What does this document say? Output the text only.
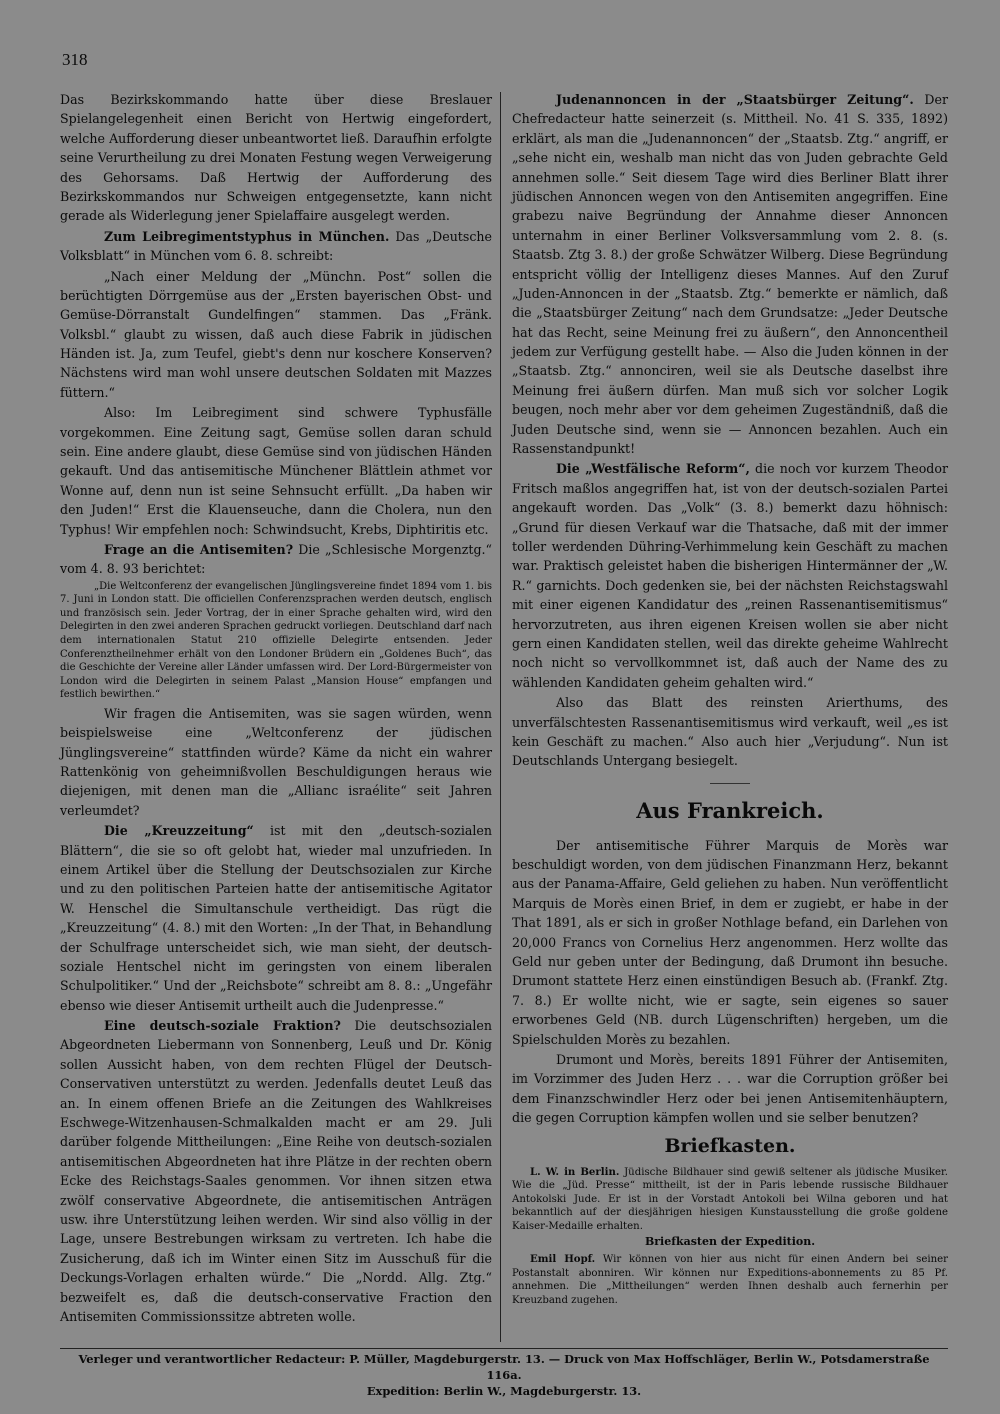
318

Das Bezirkskommando hatte über diese Breslauer Spielangelegenheit einen Bericht von Hertwig eingefordert, welche Aufforderung dieser unbeantwortet ließ. Daraufhin erfolgte seine Verurtheilung zu drei Monaten Festung wegen Verweigerung des Gehorsams. Daß Hertwig der Aufforderung des Bezirkskommandos nur Schweigen entgegensetzte, kann nicht gerade als Widerlegung jener Spielaffaire ausgelegt werden.

Zum Leibregimentstyphus in München. Das „Deutsche Volksblatt“ in München vom 6. 8. schreibt:

„Nach einer Meldung der „Münchn. Post“ sollen die berüchtigten Dörrgemüse aus der „Ersten bayerischen Obst- und Gemüse-Dörranstalt Gundelfingen“ stammen. Das „Fränk. Volksbl.“ glaubt zu wissen, daß auch diese Fabrik in jüdischen Händen ist. Ja, zum Teufel, giebt's denn nur koschere Konserven? Nächstens wird man wohl unsere deutschen Soldaten mit Mazzes füttern.“

Also: Im Leibregiment sind schwere Typhusfälle vorgekommen. Eine Zeitung sagt, Gemüse sollen daran schuld sein. Eine andere glaubt, diese Gemüse sind von jüdischen Händen gekauft. Und das antisemitische Münchener Blättlein athmet vor Wonne auf, denn nun ist seine Sehnsucht erfüllt. „Da haben wir den Juden!“ Erst die Klauenseuche, dann die Cholera, nun den Typhus! Wir empfehlen noch: Schwindsucht, Krebs, Diphtiritis etc.

Frage an die Antisemiten? Die „Schlesische Morgenztg.“ vom 4. 8. 93 berichtet:

„Die Weltconferenz der evangelischen Jünglingsvereine findet 1894 vom 1. bis 7. Juni in London statt. Die officiellen Conferenzsprachen werden deutsch, englisch und französisch sein. Jeder Vortrag, der in einer Sprache gehalten wird, wird den Delegirten in den zwei anderen Sprachen gedruckt vorliegen. Deutschland darf nach dem internationalen Statut 210 offizielle Delegirte entsenden. Jeder Conferenztheilnehmer erhält von den Londoner Brüdern ein „Goldenes Buch“, das die Geschichte der Vereine aller Länder umfassen wird. Der Lord-Bürgermeister von London wird die Delegirten in seinem Palast „Mansion House“ empfangen und festlich bewirthen.“

Wir fragen die Antisemiten, was sie sagen würden, wenn beispielsweise eine „Weltconferenz der jüdischen Jünglingsvereine“ stattfinden würde? Käme da nicht ein wahrer Rattenkönig von geheimnißvollen Beschuldigungen heraus wie diejenigen, mit denen man die „Allianc israélite“ seit Jahren verleumdet?

Die „Kreuzzeitung“ ist mit den „deutsch-sozialen Blättern“, die sie so oft gelobt hat, wieder mal unzufrieden. In einem Artikel über die Stellung der Deutschsozialen zur Kirche und zu den politischen Parteien hatte der antisemitische Agitator W. Henschel die Simultanschule vertheidigt. Das rügt die „Kreuzzeitung“ (4. 8.) mit den Worten: „In der That, in Behandlung der Schulfrage unterscheidet sich, wie man sieht, der deutsch-soziale Hentschel nicht im geringsten von einem liberalen Schulpolitiker.“ Und der „Reichsbote“ schreibt am 8. 8.: „Ungefähr ebenso wie dieser Antisemit urtheilt auch die Judenpresse.“

Eine deutsch-soziale Fraktion? Die deutschsozialen Abgeordneten Liebermann von Sonnenberg, Leuß und Dr. König sollen Aussicht haben, von dem rechten Flügel der Deutsch-Conservativen unterstützt zu werden. Jedenfalls deutet Leuß das an. In einem offenen Briefe an die Zeitungen des Wahlkreises Eschwege-Witzenhausen-Schmalkalden macht er am 29. Juli darüber folgende Mittheilungen: „Eine Reihe von deutsch-sozialen antisemitischen Abgeordneten hat ihre Plätze in der rechten obern Ecke des Reichstags-Saales genommen. Vor ihnen sitzen etwa zwölf conservative Abgeordnete, die antisemitischen Anträgen usw. ihre Unterstützung leihen werden. Wir sind also völlig in der Lage, unsere Bestrebungen wirksam zu vertreten. Ich habe die Zusicherung, daß ich im Winter einen Sitz im Ausschuß für die Deckungs-Vorlagen erhalten würde.“ Die „Nordd. Allg. Ztg.“ bezweifelt es, daß die deutsch-conservative Fraction den Antisemiten Commissionssitze abtreten wolle.

Judenannoncen in der „Staatsbürger Zeitung“. Der Chefredacteur hatte seinerzeit (s. Mittheil. No. 41 S. 335, 1892) erklärt, als man die „Judenannoncen“ der „Staatsb. Ztg.“ angriff, er „sehe nicht ein, weshalb man nicht das von Juden gebrachte Geld annehmen solle.“ Seit diesem Tage wird dies Berliner Blatt ihrer jüdischen Annoncen wegen von den Antisemiten angegriffen. Eine grabezu naive Begründung der Annahme dieser Annoncen unternahm in einer Berliner Volksversammlung vom 2. 8. (s. Staatsb. Ztg 3. 8.) der große Schwätzer Wilberg. Diese Begründung entspricht völlig der Intelligenz dieses Mannes. Auf den Zuruf „Juden-Annoncen in der „Staatsb. Ztg.“ bemerkte er nämlich, daß die „Staatsbürger Zeitung“ nach dem Grundsatze: „Jeder Deutsche hat das Recht, seine Meinung frei zu äußern“, den Annoncentheil jedem zur Verfügung gestellt habe. — Also die Juden können in der „Staatsb. Ztg.“ annonciren, weil sie als Deutsche daselbst ihre Meinung frei äußern dürfen. Man muß sich vor solcher Logik beugen, noch mehr aber vor dem geheimen Zugeständniß, daß die Juden Deutsche sind, wenn sie — Annoncen bezahlen. Auch ein Rassenstandpunkt!

Die „Westfälische Reform“, die noch vor kurzem Theodor Fritsch maßlos angegriffen hat, ist von der deutsch-sozialen Partei angekauft worden. Das „Volk“ (3. 8.) bemerkt dazu höhnisch: „Grund für diesen Verkauf war die Thatsache, daß mit der immer toller werdenden Dühring-Verhimmelung kein Geschäft zu machen war. Praktisch geleistet haben die bisherigen Hintermänner der „W. R.“ garnichts. Doch gedenken sie, bei der nächsten Reichstagswahl mit einer eigenen Kandidatur des „reinen Rassenantisemitismus“ hervorzutreten, aus ihren eigenen Kreisen wollen sie aber nicht gern einen Kandidaten stellen, weil das direkte geheime Wahlrecht noch nicht so vervollkommnet ist, daß auch der Name des zu wählenden Kandidaten geheim gehalten wird.“

Also das Blatt des reinsten Arierthums, des unverfälschtesten Rassenantisemitismus wird verkauft, weil „es ist kein Geschäft zu machen.“ Also auch hier „Verjudung“. Nun ist Deutschlands Untergang besiegelt.

Aus Frankreich.

Der antisemitische Führer Marquis de Morès war beschuldigt worden, von dem jüdischen Finanzmann Herz, bekannt aus der Panama-Affaire, Geld geliehen zu haben. Nun veröffentlicht Marquis de Morès einen Brief, in dem er zugiebt, er habe in der That 1891, als er sich in großer Nothlage befand, ein Darlehen von 20,000 Francs von Cornelius Herz angenommen. Herz wollte das Geld nur geben unter der Bedingung, daß Drumont ihn besuche. Drumont stattete Herz einen einstündigen Besuch ab. (Frankf. Ztg. 7. 8.) Er wollte nicht, wie er sagte, sein eigenes so sauer erworbenes Geld (NB. durch Lügenschriften) hergeben, um die Spielschulden Morès zu bezahlen.

Drumont und Morès, bereits 1891 Führer der Antisemiten, im Vorzimmer des Juden Herz . . . war die Corruption größer bei dem Finanzschwindler Herz oder bei jenen Antisemitenhäuptern, die gegen Corruption kämpfen wollen und sie selber benutzen?

Briefkasten.

L. W. in Berlin. Jüdische Bildhauer sind gewiß seltener als jüdische Musiker. Wie die „Jüd. Presse“ mittheilt, ist der in Paris lebende russische Bildhauer Antokolski Jude. Er ist in der Vorstadt Antokoli bei Wilna geboren und hat bekanntlich auf der diesjährigen hiesigen Kunstausstellung die große goldene Kaiser-Medaille erhalten.

Briefkasten der Expedition.

Emil Hopf. Wir können von hier aus nicht für einen Andern bei seiner Postanstalt abonniren. Wir können nur Expeditions-abonnements zu 85 Pf. annehmen. Die „Mittheilungen“ werden Ihnen deshalb auch fernerhin per Kreuzband zugehen.

Verleger und verantwortlicher Redacteur: P. Müller, Magdeburgerstr. 13. — Druck von Max Hoffschläger, Berlin W., Potsdamerstraße 116a.
Expedition: Berlin W., Magdeburgerstr. 13.
